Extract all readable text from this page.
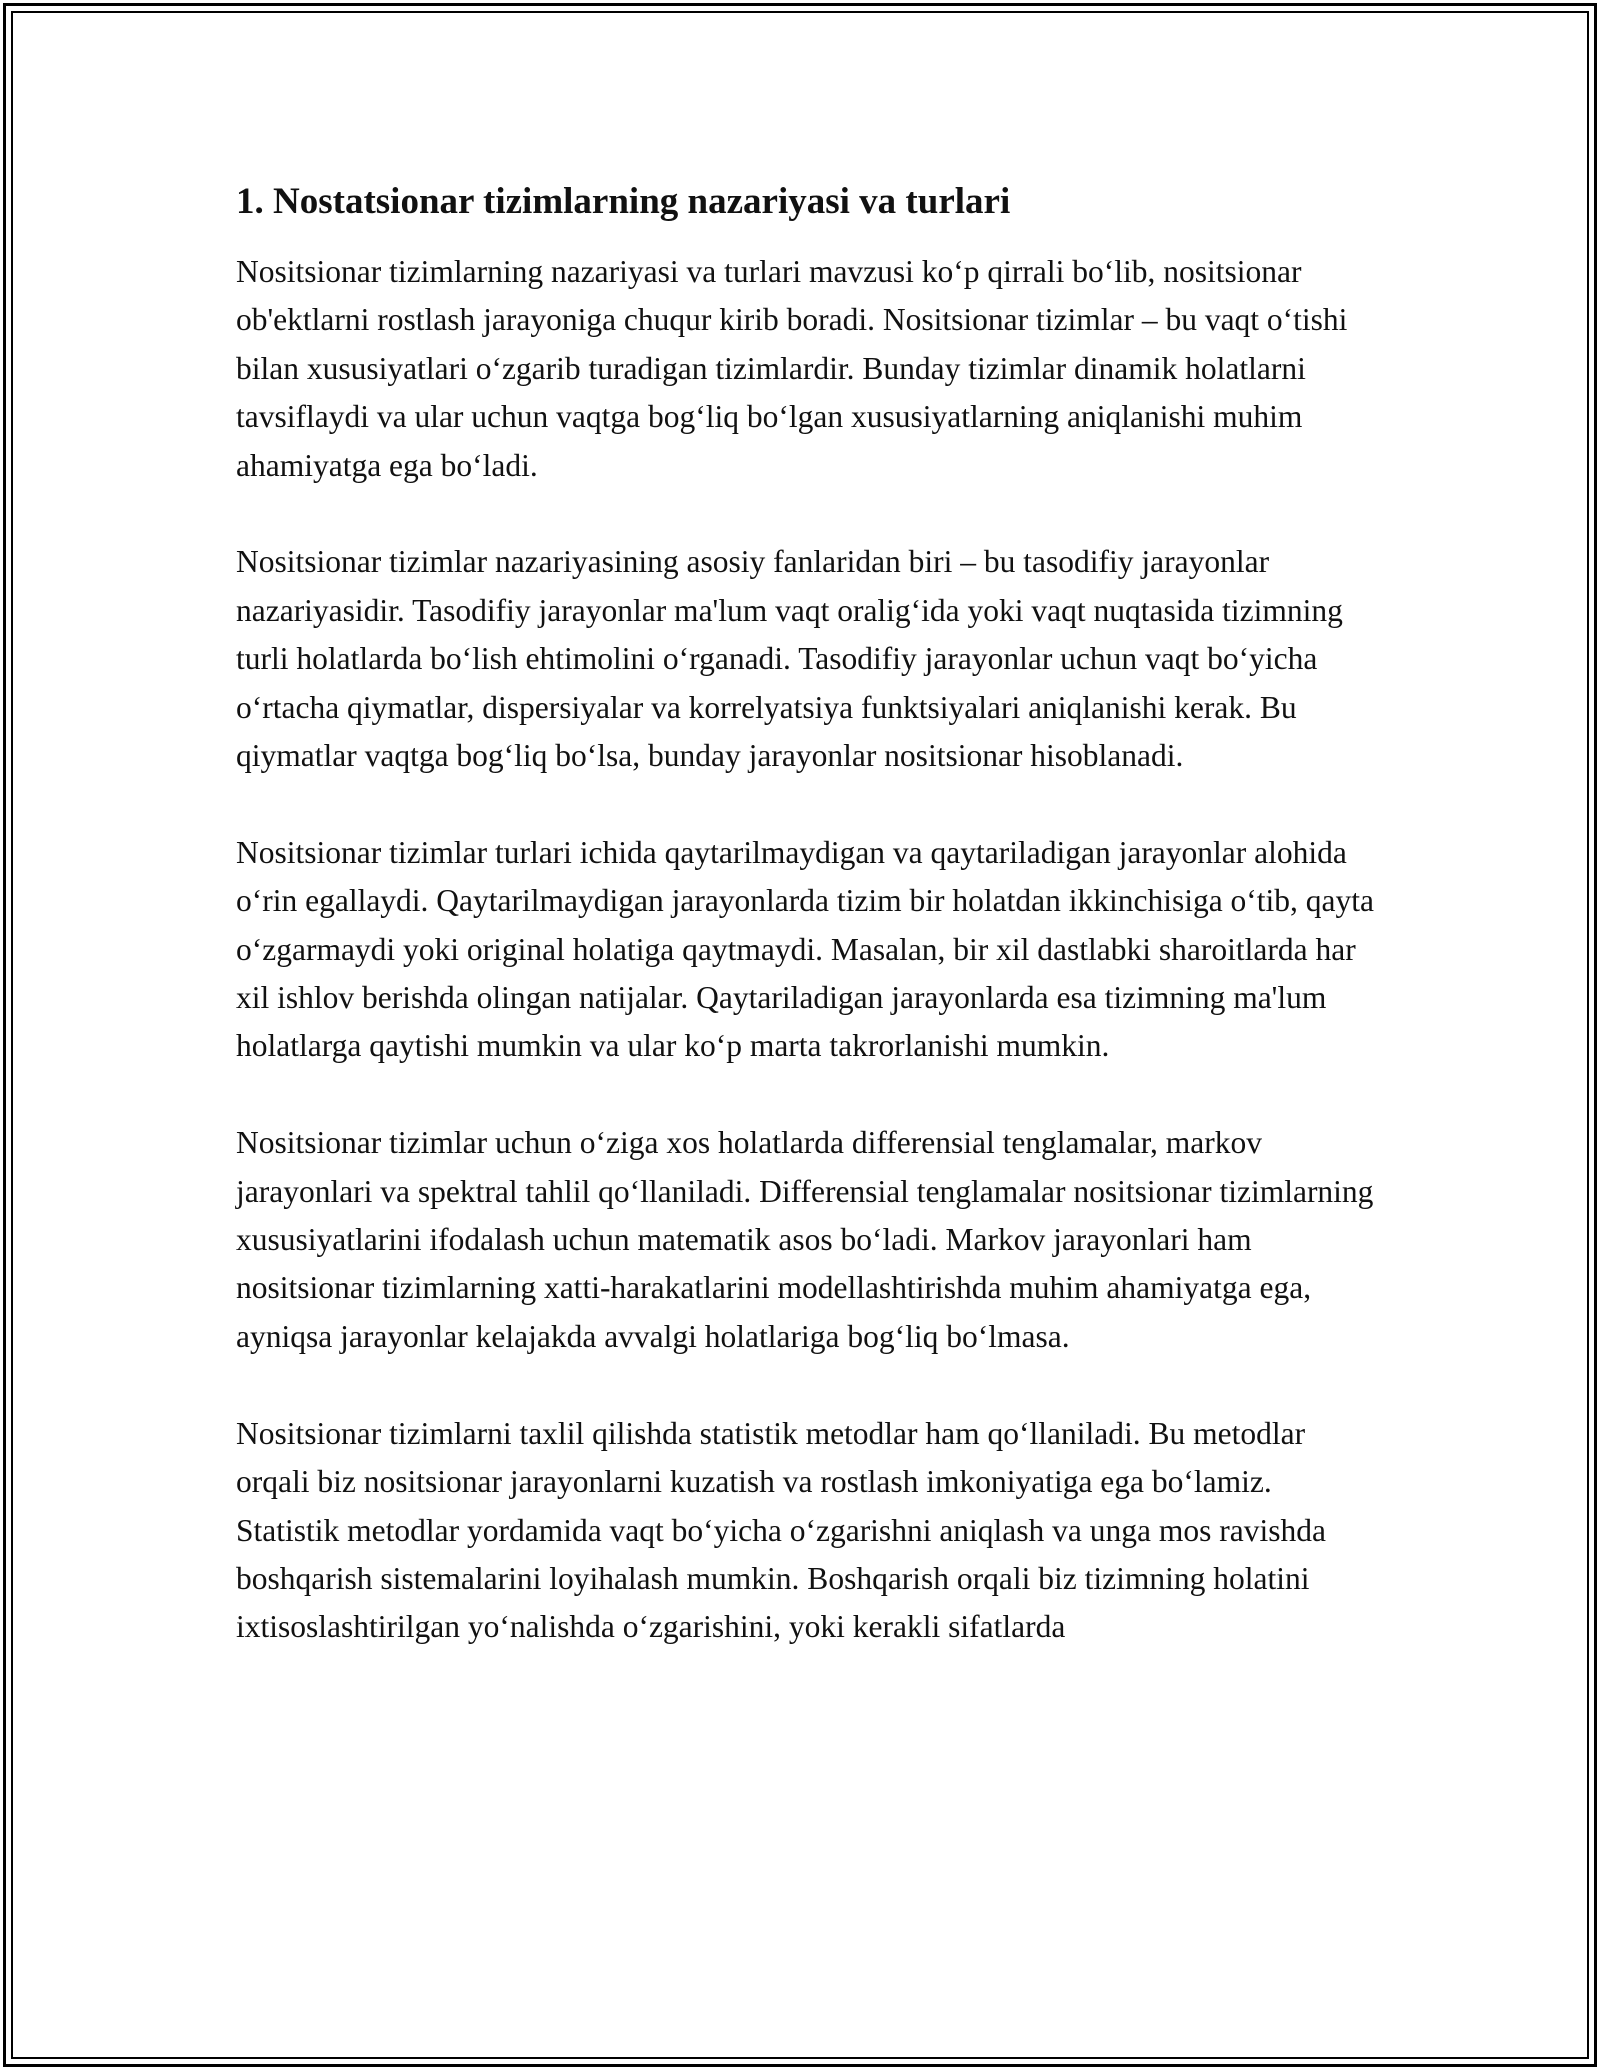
1. Nostatsionar tizimlarning nazariyasi va turlari

Nositsionar tizimlarning nazariyasi va turlari mavzusi ko‘p qirrali bo‘lib, nositsionar ob'ektlarni rostlash jarayoniga chuqur kirib boradi. Nositsionar tizimlar – bu vaqt o‘tishi bilan xususiyatlari o‘zgarib turadigan tizimlardir. Bunday tizimlar dinamik holatlarni tavsiflaydi va ular uchun vaqtga bog‘liq bo‘lgan xususiyatlarning aniqlanishi muhim ahamiyatga ega bo‘ladi.

Nositsionar tizimlar nazariyasining asosiy fanlaridan biri – bu tasodifiy jarayonlar nazariyasidir. Tasodifiy jarayonlar ma'lum vaqt oralig‘ida yoki vaqt nuqtasida tizimning turli holatlarda bo‘lish ehtimolini o‘rganadi. Tasodifiy jarayonlar uchun vaqt bo‘yicha o‘rtacha qiymatlar, dispersiyalar va korrelyatsiya funktsiyalari aniqlanishi kerak. Bu qiymatlar vaqtga bog‘liq bo‘lsa, bunday jarayonlar nositsionar hisoblanadi.

Nositsionar tizimlar turlari ichida qaytarilmaydigan va qaytariladigan jarayonlar alohida o‘rin egallaydi. Qaytarilmaydigan jarayonlarda tizim bir holatdan ikkinchisiga o‘tib, qayta o‘zgarmaydi yoki original holatiga qaytmaydi. Masalan, bir xil dastlabki sharoitlarda har xil ishlov berishda olingan natijalar. Qaytariladigan jarayonlarda esa tizimning ma'lum holatlarga qaytishi mumkin va ular ko‘p marta takrorlanishi mumkin.

Nositsionar tizimlar uchun o‘ziga xos holatlarda differensial tenglamalar, markov jarayonlari va spektral tahlil qo‘llaniladi. Differensial tenglamalar nositsionar tizimlarning xususiyatlarini ifodalash uchun matematik asos bo‘ladi. Markov jarayonlari ham nositsionar tizimlarning xatti-harakatlarini modellashtirishda muhim ahamiyatga ega, ayniqsa jarayonlar kelajakda avvalgi holatlariga bog‘liq bo‘lmasa.

Nositsionar tizimlarni taxlil qilishda statistik metodlar ham qo‘llaniladi. Bu metodlar orqali biz nositsionar jarayonlarni kuzatish va rostlash imkoniyatiga ega bo‘lamiz. Statistik metodlar yordamida vaqt bo‘yicha o‘zgarishni aniqlash va unga mos ravishda boshqarish sistemalarini loyihalash mumkin. Boshqarish orqali biz tizimning holatini ixtisoslashtirilgan yo‘nalishda o‘zgarishini, yoki kerakli sifatlarda
